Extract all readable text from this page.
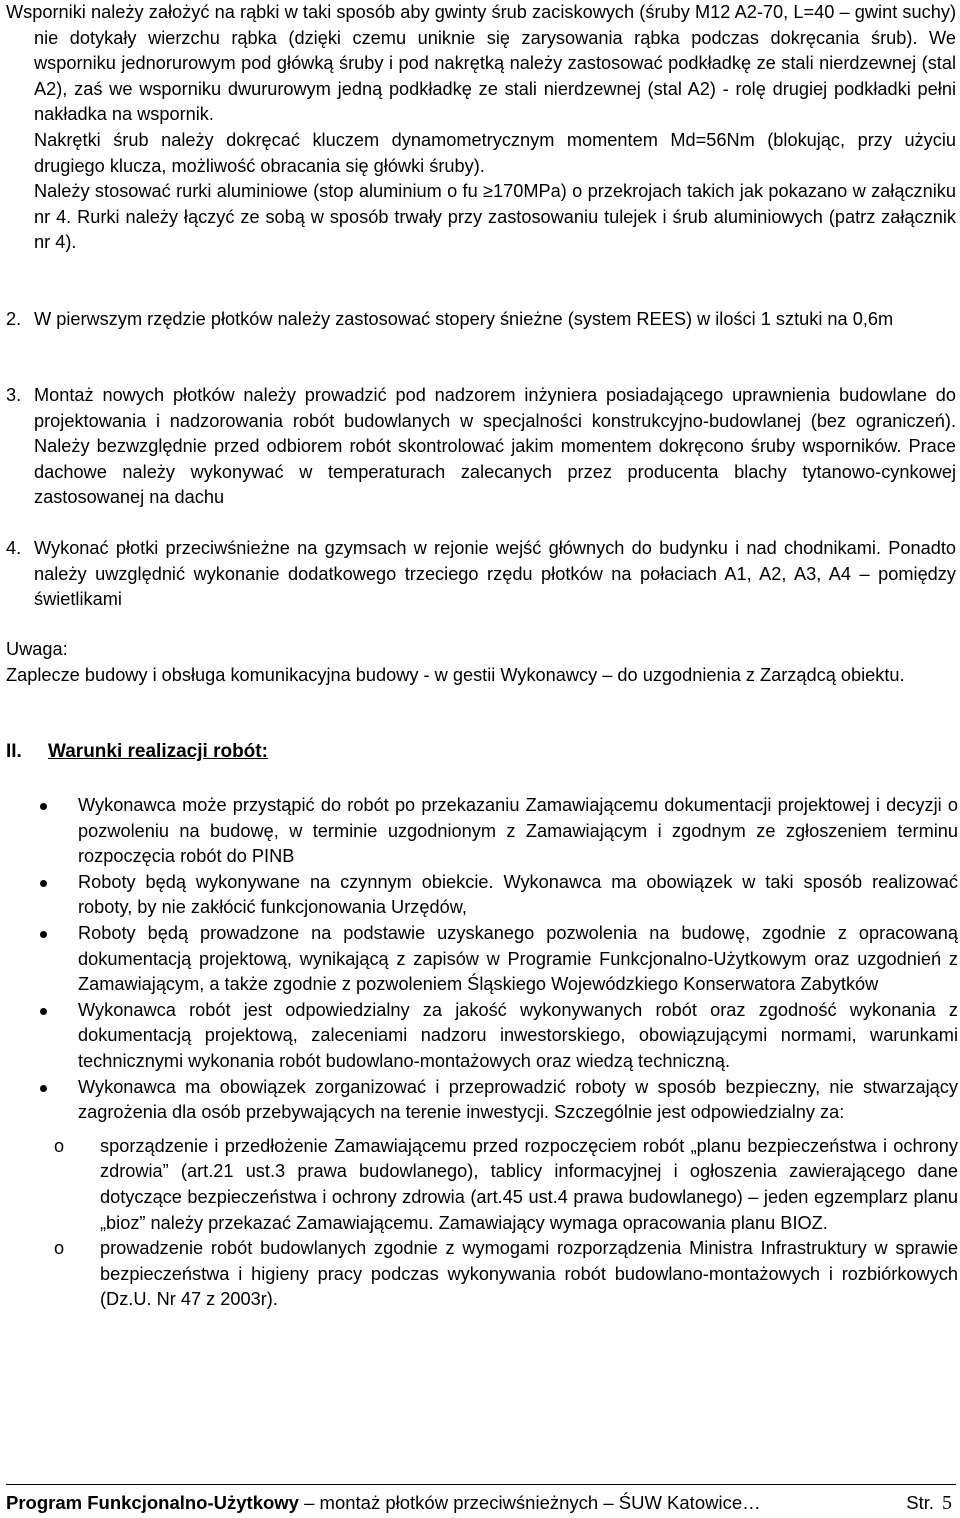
Wsporniki należy założyć na rąbki w taki sposób aby gwinty śrub zaciskowych (śruby M12 A2-70, L=40 – gwint suchy) nie dotykały wierzchu rąbka (dzięki czemu uniknie się zarysowania rąbka podczas dokręcania śrub). We wsporniku jednorurowym pod główką śruby i pod nakrętką należy zastosować podkładkę ze stali nierdzewnej (stal A2), zaś we wsporniku dwururowym jedną podkładkę ze stali nierdzewnej (stal A2) - rolę drugiej podkładki pełni nakładka na wspornik.

Nakrętki śrub należy dokręcać kluczem dynamometrycznym momentem Md=56Nm (blokując, przy użyciu drugiego klucza, możliwość obracania się główki śruby).

Należy stosować rurki aluminiowe (stop aluminium o fu ≥170MPa) o przekrojach takich jak pokazano w załączniku nr 4. Rurki należy łączyć ze sobą w sposób trwały przy zastosowaniu tulejek i śrub aluminiowych (patrz załącznik nr 4).

2. W pierwszym rzędzie płotków należy zastosować stopery śnieżne (system REES) w ilości 1 sztuki na 0,6m

3. Montaż nowych płotków należy prowadzić pod nadzorem inżyniera posiadającego uprawnienia budowlane do projektowania i nadzorowania robót budowlanych w specjalności konstrukcyjno-budowlanej (bez ograniczeń). Należy bezwzględnie przed odbiorem robót skontrolować jakim momentem dokręcono śruby wsporników. Prace dachowe należy wykonywać w temperaturach zalecanych przez producenta blachy tytanowo-cynkowej zastosowanej na dachu

4. Wykonać płotki przeciwśnieżne na gzymsach w rejonie wejść głównych do budynku i nad chodnikami. Ponadto należy uwzględnić wykonanie dodatkowego trzeciego rzędu płotków na połaciach A1, A2, A3, A4 – pomiędzy świetlikami

Uwaga:

Zaplecze budowy i obsługa komunikacyjna budowy - w gestii Wykonawcy – do uzgodnienia z Zarządcą obiektu.

II. Warunki realizacji robót:

Wykonawca może przystąpić do robót po przekazaniu Zamawiającemu dokumentacji projektowej i decyzji o pozwoleniu na budowę, w terminie uzgodnionym z Zamawiającym i zgodnym ze zgłoszeniem terminu rozpoczęcia robót do PINB

Roboty będą wykonywane na czynnym obiekcie. Wykonawca ma obowiązek w taki sposób realizować roboty, by nie zakłócić funkcjonowania Urzędów,

Roboty będą prowadzone na podstawie uzyskanego pozwolenia na budowę, zgodnie z opracowaną dokumentacją projektową, wynikającą z zapisów w Programie Funkcjonalno-Użytkowym oraz uzgodnień z Zamawiającym, a także zgodnie z pozwoleniem Śląskiego Wojewódzkiego Konserwatora Zabytków

Wykonawca robót jest odpowiedzialny za jakość wykonywanych robót oraz zgodność wykonania z dokumentacją projektową, zaleceniami nadzoru inwestorskiego, obowiązującymi normami, warunkami technicznymi wykonania robót budowlano-montażowych oraz wiedzą techniczną.

Wykonawca ma obowiązek zorganizować i przeprowadzić roboty w sposób bezpieczny, nie stwarzający zagrożenia dla osób przebywających na terenie inwestycji. Szczególnie jest odpowiedzialny za:

o sporządzenie i przedłożenie Zamawiającemu przed rozpoczęciem robót „planu bezpieczeństwa i ochrony zdrowia” (art.21 ust.3 prawa budowlanego), tablicy informacyjnej i ogłoszenia zawierającego dane dotyczące bezpieczeństwa i ochrony zdrowia (art.45 ust.4 prawa budowlanego) – jeden egzemplarz planu „bioz” należy przekazać Zamawiającemu. Zamawiający wymaga opracowania planu BIOZ.

o prowadzenie robót budowlanych zgodnie z wymogami rozporządzenia Ministra Infrastruktury w sprawie bezpieczeństwa i higieny pracy podczas wykonywania robót budowlano-montażowych i rozbiórkowych (Dz.U. Nr 47 z 2003r).

Program Funkcjonalno-Użytkowy – montaż płotków przeciwśnieżnych – ŚUW Katowice…	Str. 5
